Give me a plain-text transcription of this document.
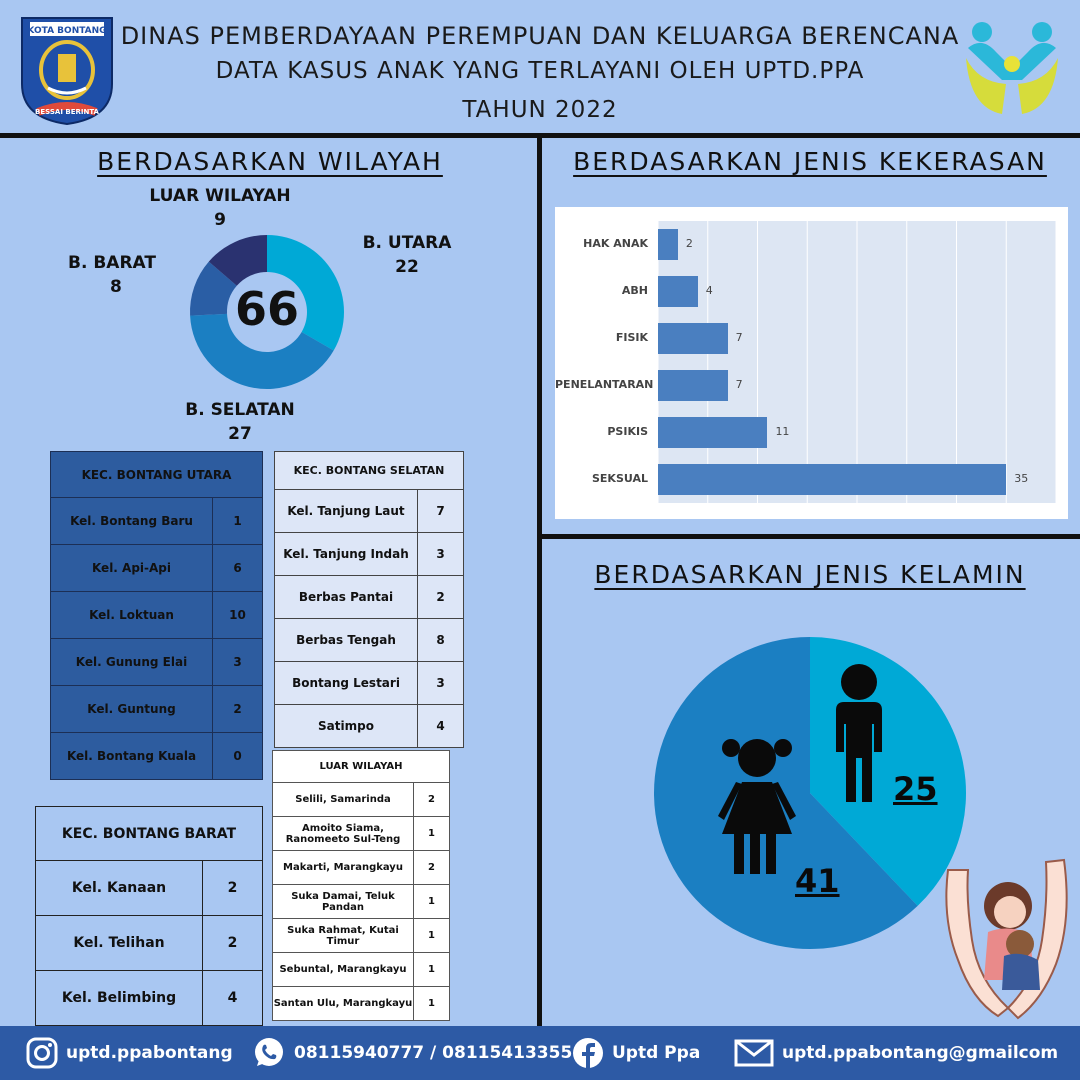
KOTA BONTANG
BESSAI BERINTA
DINAS PEMBERDAYAAN PEREMPUAN DAN KELUARGA BERENCANA
DATA KASUS ANAK YANG TERLAYANI OLEH UPTD.PPA
TAHUN 2022
BERDASARKAN WILAYAH
66
LUAR WILAYAH
9
B. UTARA
22
B. BARAT
8
B. SELATAN
27
KEC. BONTANG UTARA	
Kel. Bontang Baru	1
Kel. Api-Api	6
Kel. Loktuan	10
Kel. Gunung Elai	3
Kel. Guntung	2
Kel. Bontang Kuala	0
KEC. BONTANG SELATAN	
Kel. Tanjung Laut	7
Kel. Tanjung Indah	3
Berbas Pantai	2
Berbas Tengah	8
Bontang Lestari	3
Satimpo	4
KEC. BONTANG BARAT	
Kel. Kanaan	2
Kel. Telihan	2
Kel. Belimbing	4
LUAR WILAYAH	
Selili, Samarinda	2
Amoito Siama, Ranomeeto Sul-Teng	1
Makarti, Marangkayu	2
Suka Damai, Teluk Pandan	1
Suka Rahmat, Kutai Timur	1
Sebuntal, Marangkayu	1
Santan Ulu, Marangkayu	1
BERDASARKAN JENIS KEKERASAN
HAK ANAK	2
ABH	4
FISIK	7
PENELANTARAN	7
PSIKIS	11
SEKSUAL	35
BERDASARKAN JENIS KELAMIN
25
41
uptd.ppabontang	08115940777 / 08115413355 Uptd Ppa	uptd.ppabontang@gmailcom
